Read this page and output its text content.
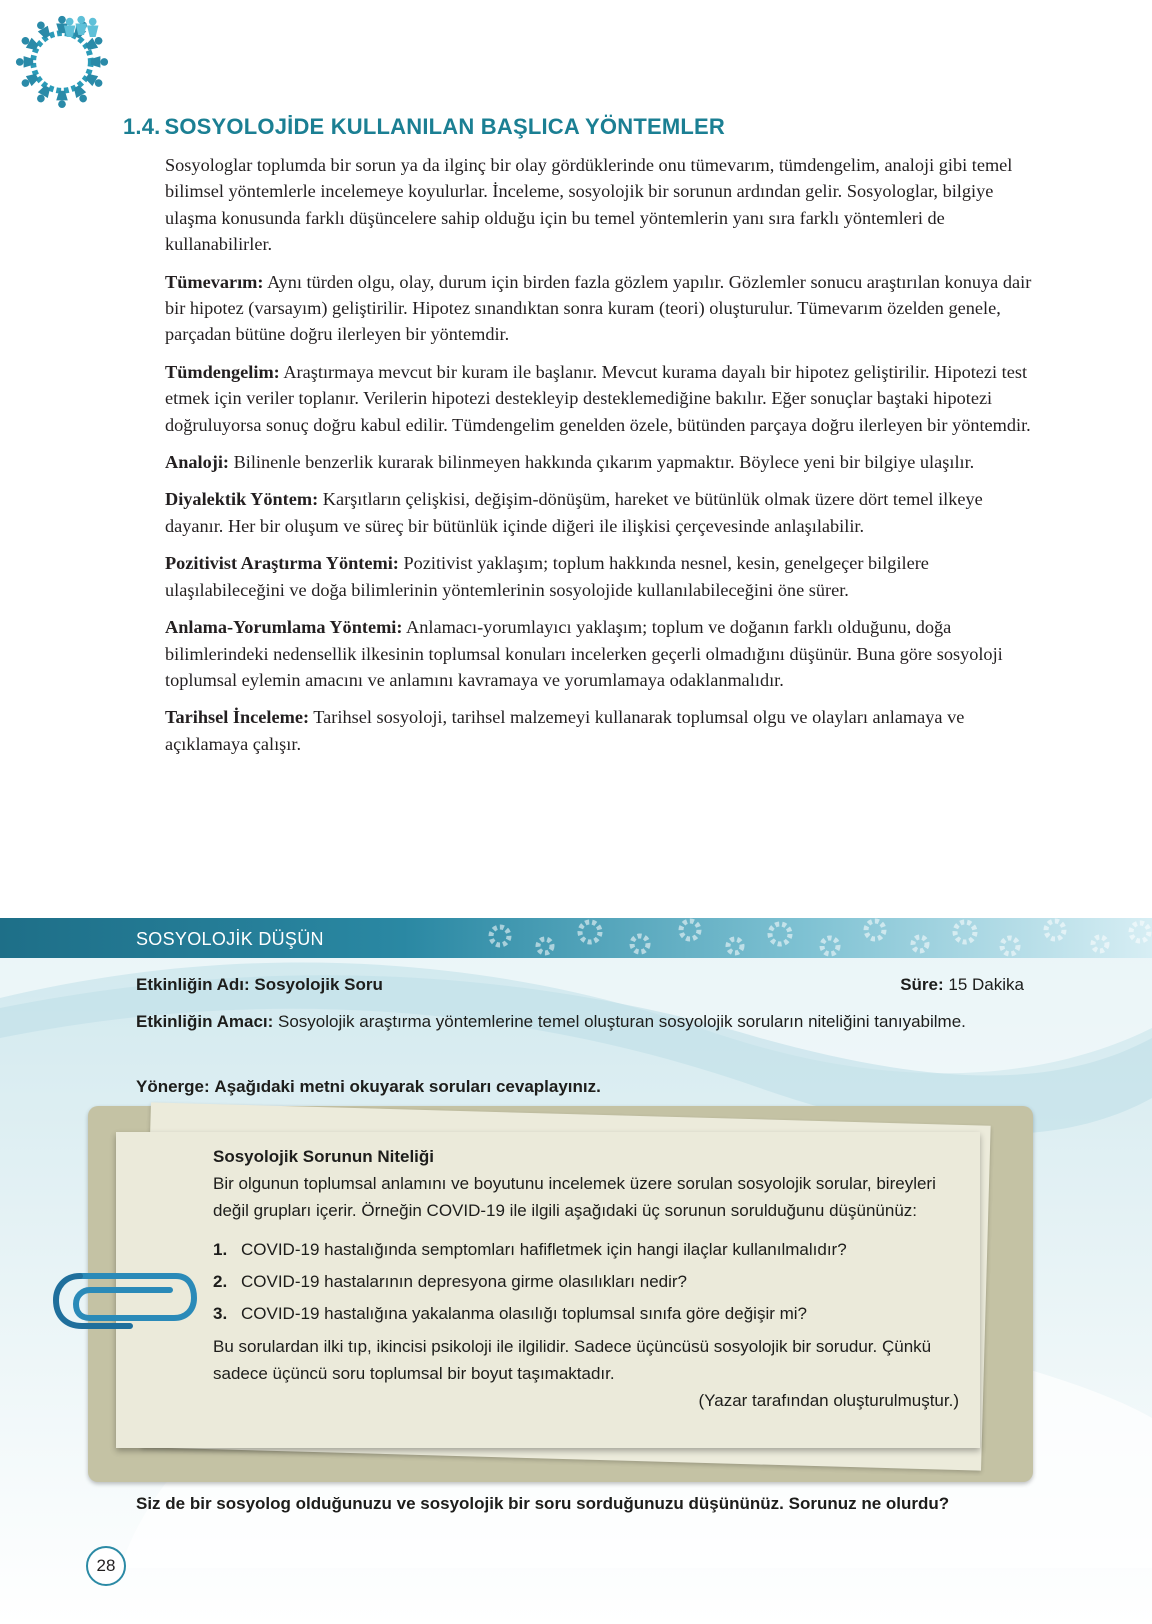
1.4. SOSYOLOJİDE KULLANILAN BAŞLICA YÖNTEMLER

Sosyologlar toplumda bir sorun ya da ilginç bir olay gördüklerinde onu tümevarım, tümdengelim, analoji gibi temel bilimsel yöntemlerle incelemeye koyulurlar. İnceleme, sosyolojik bir sorunun ardından gelir. Sosyologlar, bilgiye ulaşma konusunda farklı düşüncelere sahip olduğu için bu temel yöntemlerin yanı sıra farklı yöntemleri de kullanabilirler.

Tümevarım: Aynı türden olgu, olay, durum için birden fazla gözlem yapılır. Gözlemler sonucu araştırılan konuya dair bir hipotez (varsayım) geliştirilir. Hipotez sınandıktan sonra kuram (teori) oluşturulur. Tümevarım özelden genele, parçadan bütüne doğru ilerleyen bir yöntemdir.

Tümdengelim: Araştırmaya mevcut bir kuram ile başlanır. Mevcut kurama dayalı bir hipotez geliştirilir. Hipotezi test etmek için veriler toplanır. Verilerin hipotezi destekleyip desteklemediğine bakılır. Eğer sonuçlar baştaki hipotezi doğruluyorsa sonuç doğru kabul edilir. Tümdengelim genelden özele, bütünden parçaya doğru ilerleyen bir yöntemdir.

Analoji: Bilinenle benzerlik kurarak bilinmeyen hakkında çıkarım yapmaktır. Böylece yeni bir bilgiye ulaşılır.

Diyalektik Yöntem: Karşıtların çelişkisi, değişim-dönüşüm, hareket ve bütünlük olmak üzere dört temel ilkeye dayanır. Her bir oluşum ve süreç bir bütünlük içinde diğeri ile ilişkisi çerçevesinde anlaşılabilir.

Pozitivist Araştırma Yöntemi: Pozitivist yaklaşım; toplum hakkında nesnel, kesin, genelgeçer bilgilere ulaşılabileceğini ve doğa bilimlerinin yöntemlerinin sosyolojide kullanılabileceğini öne sürer.

Anlama-Yorumlama Yöntemi: Anlamacı-yorumlayıcı yaklaşım; toplum ve doğanın farklı olduğunu, doğa bilimlerindeki nedensellik ilkesinin toplumsal konuları incelerken geçerli olmadığını düşünür. Buna göre sosyoloji toplumsal eylemin amacını ve anlamını kavramaya ve yorumlamaya odaklanmalıdır.

Tarihsel İnceleme: Tarihsel sosyoloji, tarihsel malzemeyi kullanarak toplumsal olgu ve olayları anlamaya ve açıklamaya çalışır.

SOSYOLOJİK DÜŞÜN
Etkinliğin Adı: Sosyolojik Soru	Süre: 15 Dakika
Etkinliğin Amacı: Sosyolojik araştırma yöntemlerine temel oluşturan sosyolojik soruların niteliğini tanıyabilme.
Yönerge: Aşağıdaki metni okuyarak soruları cevaplayınız.

Sosyolojik Sorunun Niteliği

Bir olgunun toplumsal anlamını ve boyutunu incelemek üzere sorulan sosyolojik sorular, bireyleri değil grupları içerir. Örneğin COVID-19 ile ilgili aşağıdaki üç sorunun sorulduğunu düşününüz:

1. COVID-19 hastalığında semptomları hafifletmek için hangi ilaçlar kullanılmalıdır?
2. COVID-19 hastalarının depresyona girme olasılıkları nedir?
3. COVID-19 hastalığına yakalanma olasılığı toplumsal sınıfa göre değişir mi?

Bu sorulardan ilki tıp, ikincisi psikoloji ile ilgilidir. Sadece üçüncüsü sosyolojik bir sorudur. Çünkü sadece üçüncü soru toplumsal bir boyut taşımaktadır.

(Yazar tarafından oluşturulmuştur.)

Siz de bir sosyolog olduğunuzu ve sosyolojik bir soru sorduğunuzu düşününüz. Sorunuz ne olurdu?
28
